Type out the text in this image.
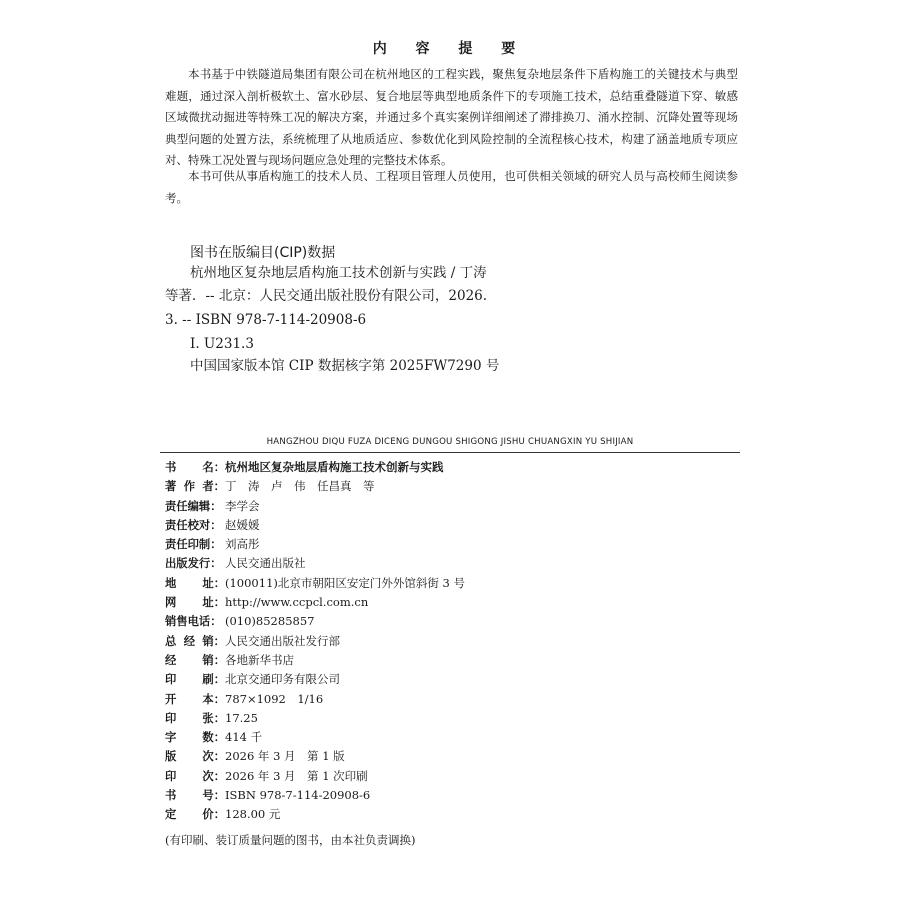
内 容 提 要
本书基于中铁隧道局集团有限公司在杭州地区的工程实践，聚焦复杂地层条件下盾构施工的关键技术与典型难题，通过深入剖析极软土、富水砂层、复合地层等典型地质条件下的专项施工技术，总结重叠隧道下穿、敏感区域微扰动掘进等特殊工况的解决方案，并通过多个真实案例详细阐述了滞排换刀、涌水控制、沉降处置等现场典型问题的处置方法，系统梳理了从地质适应、参数优化到风险控制的全流程核心技术，构建了涵盖地质专项应对、特殊工况处置与现场问题应急处理的完整技术体系。
本书可供从事盾构施工的技术人员、工程项目管理人员使用，也可供相关领域的研究人员与高校师生阅读参考。
图书在版编目(CIP)数据
杭州地区复杂地层盾构施工技术创新与实践 / 丁涛
等著．-- 北京：人民交通出版社股份有限公司，2026.
3. -- ISBN 978-7-114-20908-6
Ⅰ. U231.3
中国国家版本馆 CIP 数据核字第 2025FW7290 号
HANGZHOU DIQU FUZA DICENG DUNGOU SHIGONG JISHU CHUANGXIN YU SHIJIAN
书 名： 杭州地区复杂地层盾构施工技术创新与实践
著 作 者： 丁　涛　卢　伟　任昌真　等
责任编辑： 李学会
责任校对： 赵媛媛
责任印制： 刘高彤
出版发行： 人民交通出版社
地 址： (100011)北京市朝阳区安定门外外馆斜街 3 号
网 址： http://www.ccpcl.com.cn
销售电话： (010)85285857
总 经 销： 人民交通出版社发行部
经 销： 各地新华书店
印 刷： 北京交通印务有限公司
开 本： 787×1092　1/16
印 张： 17.25
字 数： 414 千
版 次： 2026 年 3 月　第 1 版
印 次： 2026 年 3 月　第 1 次印刷
书 号： ISBN 978-7-114-20908-6
定 价： 128.00 元
(有印刷、装订质量问题的图书，由本社负责调换)
